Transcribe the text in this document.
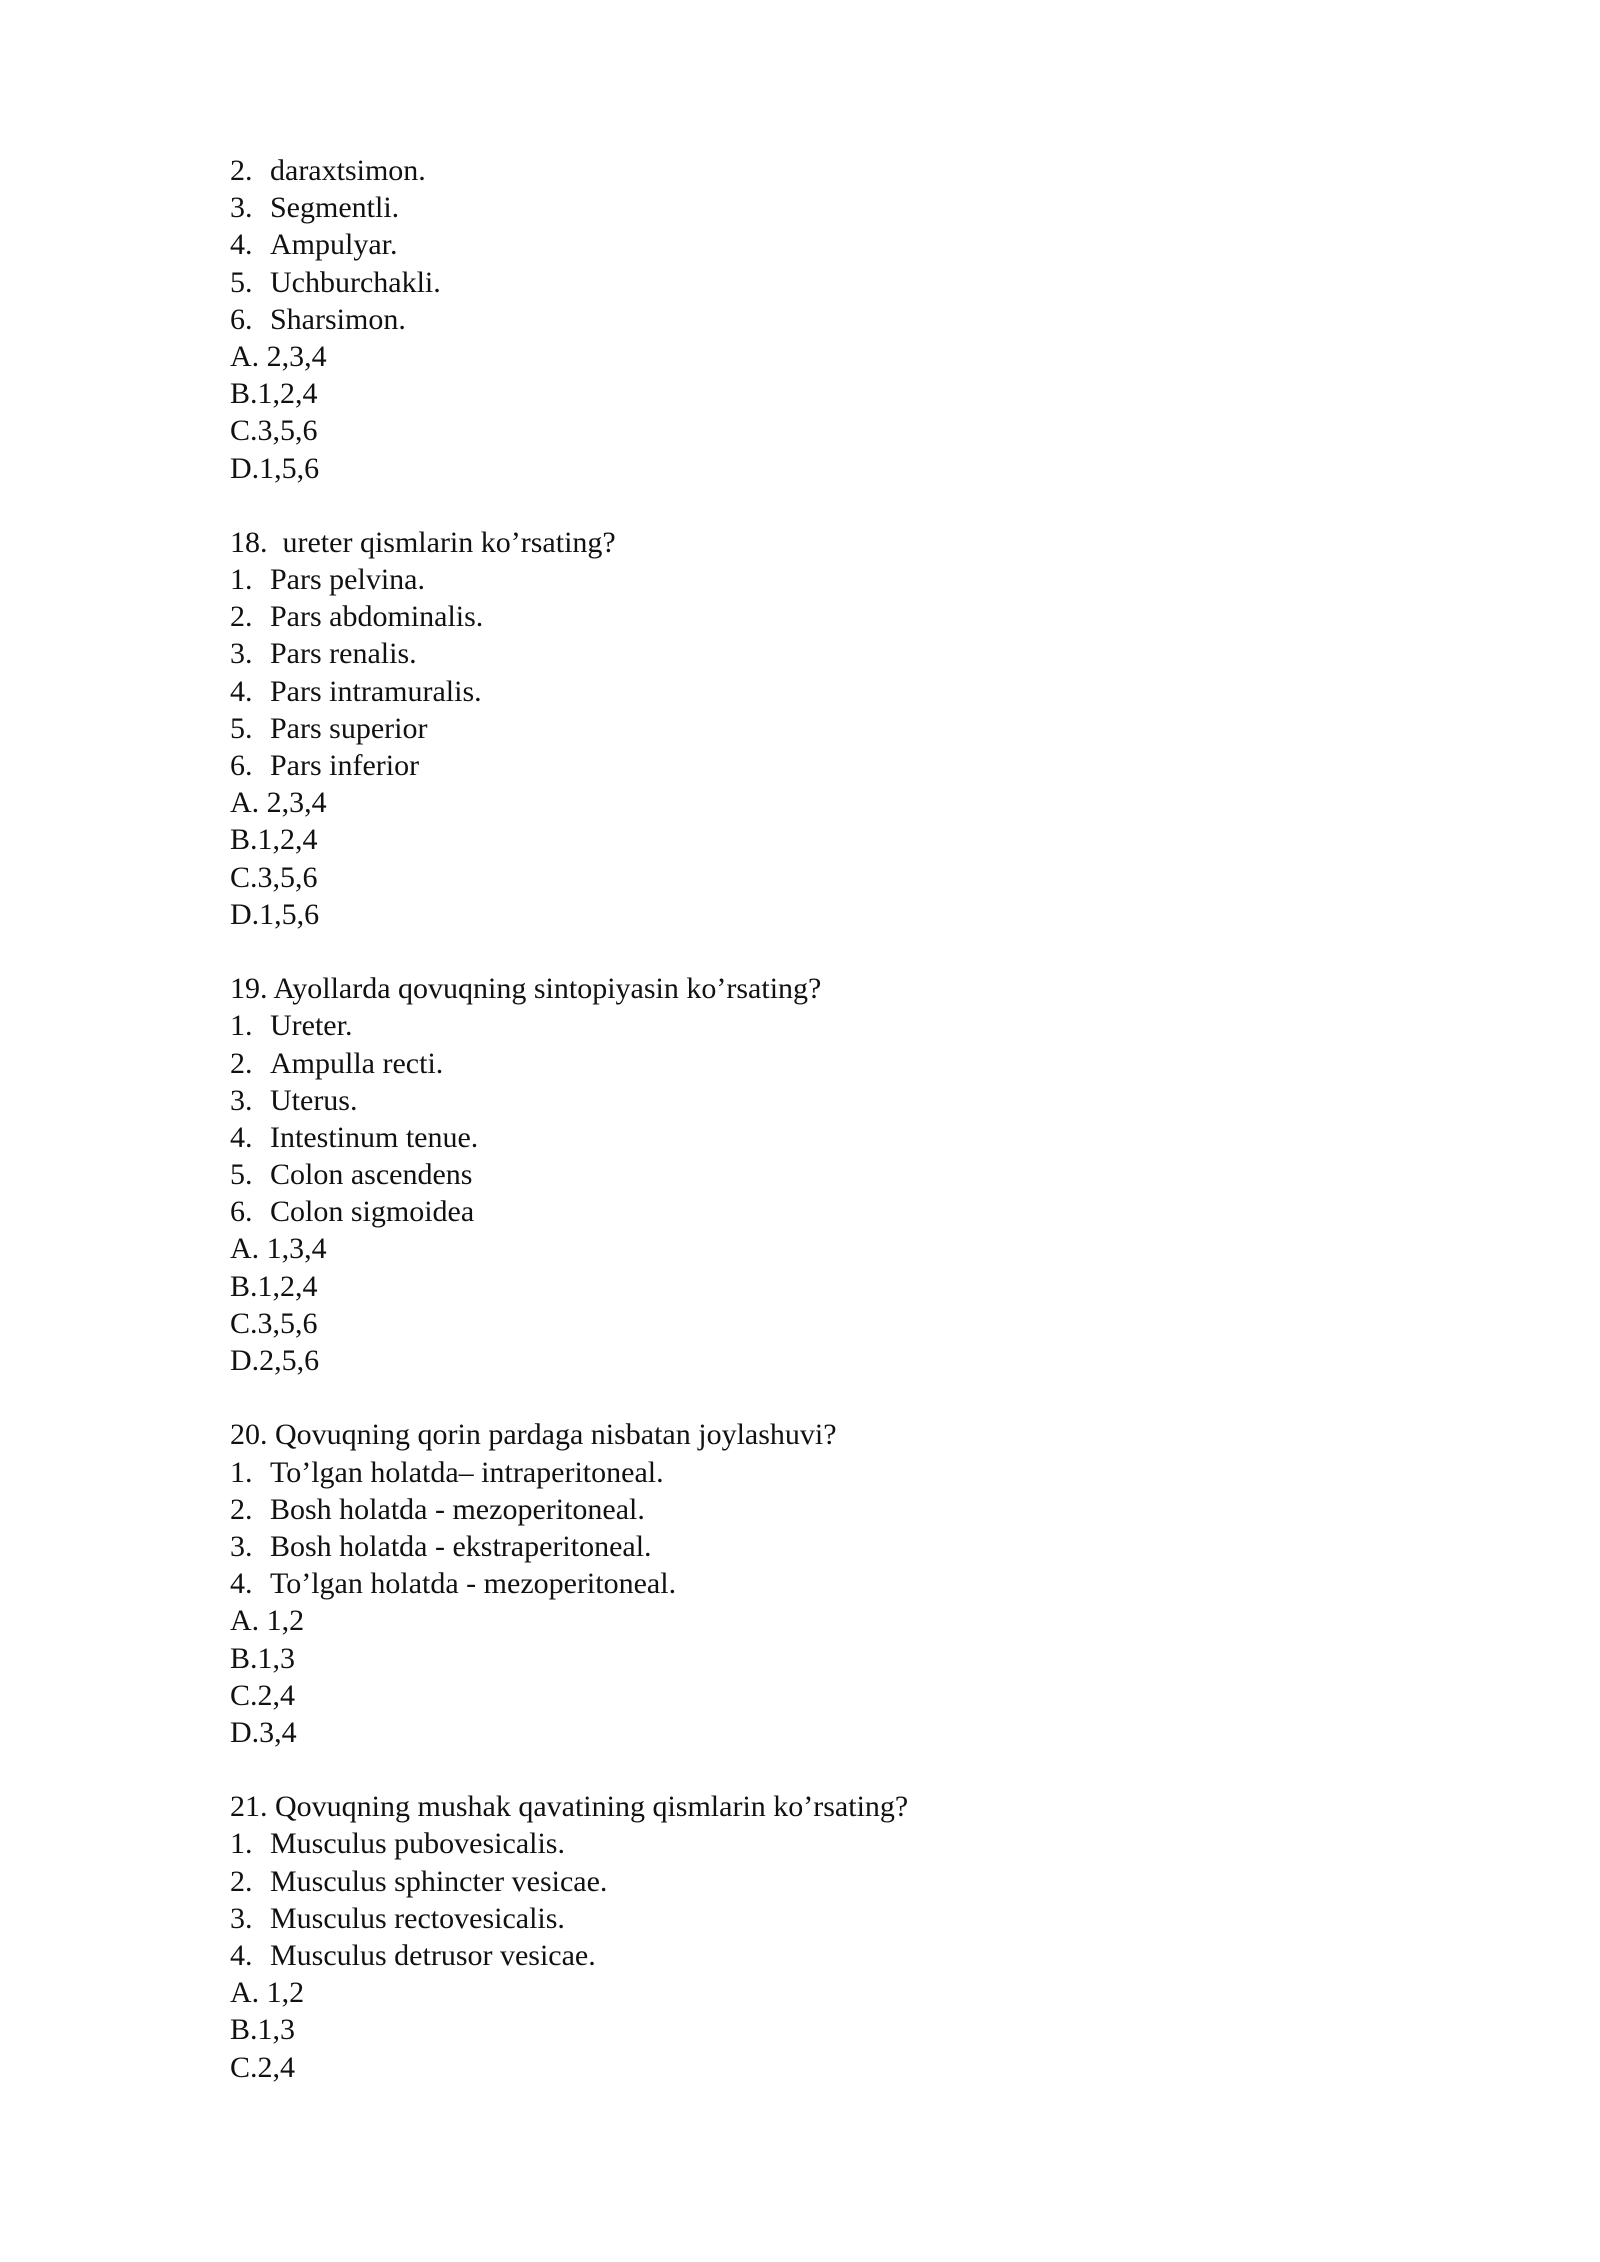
2. daraxtsimon.
3. Segmentli.
4. Ampulyar.
5. Uchburchakli.
6. Sharsimon.
A. 2,3,4
B.1,2,4
C.3,5,6
D.1,5,6
18.  ureter qismlarin ko’rsating?
1. Pars pelvina.
2. Pars abdominalis.
3. Pars renalis.
4. Pars intramuralis.
5. Pars superior
6. Pars inferior
A. 2,3,4
B.1,2,4
C.3,5,6
D.1,5,6
19. Ayollarda qovuqning sintopiyasin ko’rsating?
1. Ureter.
2. Ampulla recti.
3. Uterus.
4. Intestinum tenue.
5. Colon ascendens
6. Colon sigmoidea
A. 1,3,4
B.1,2,4
C.3,5,6
D.2,5,6
20. Qovuqning qorin pardaga nisbatan joylashuvi?
1. To’lgan holatda– intraperitoneal.
2. Bosh holatda - mezoperitoneal.
3. Bosh holatda - ekstraperitoneal.
4. To’lgan holatda - mezoperitoneal.
A. 1,2
B.1,3
C.2,4
D.3,4
21. Qovuqning mushak qavatining qismlarin ko’rsating?
1. Musculus pubovesicalis.
2. Musculus sphincter vesicae.
3. Musculus rectovesicalis.
4. Musculus detrusor vesicae.
A. 1,2
B.1,3
C.2,4
